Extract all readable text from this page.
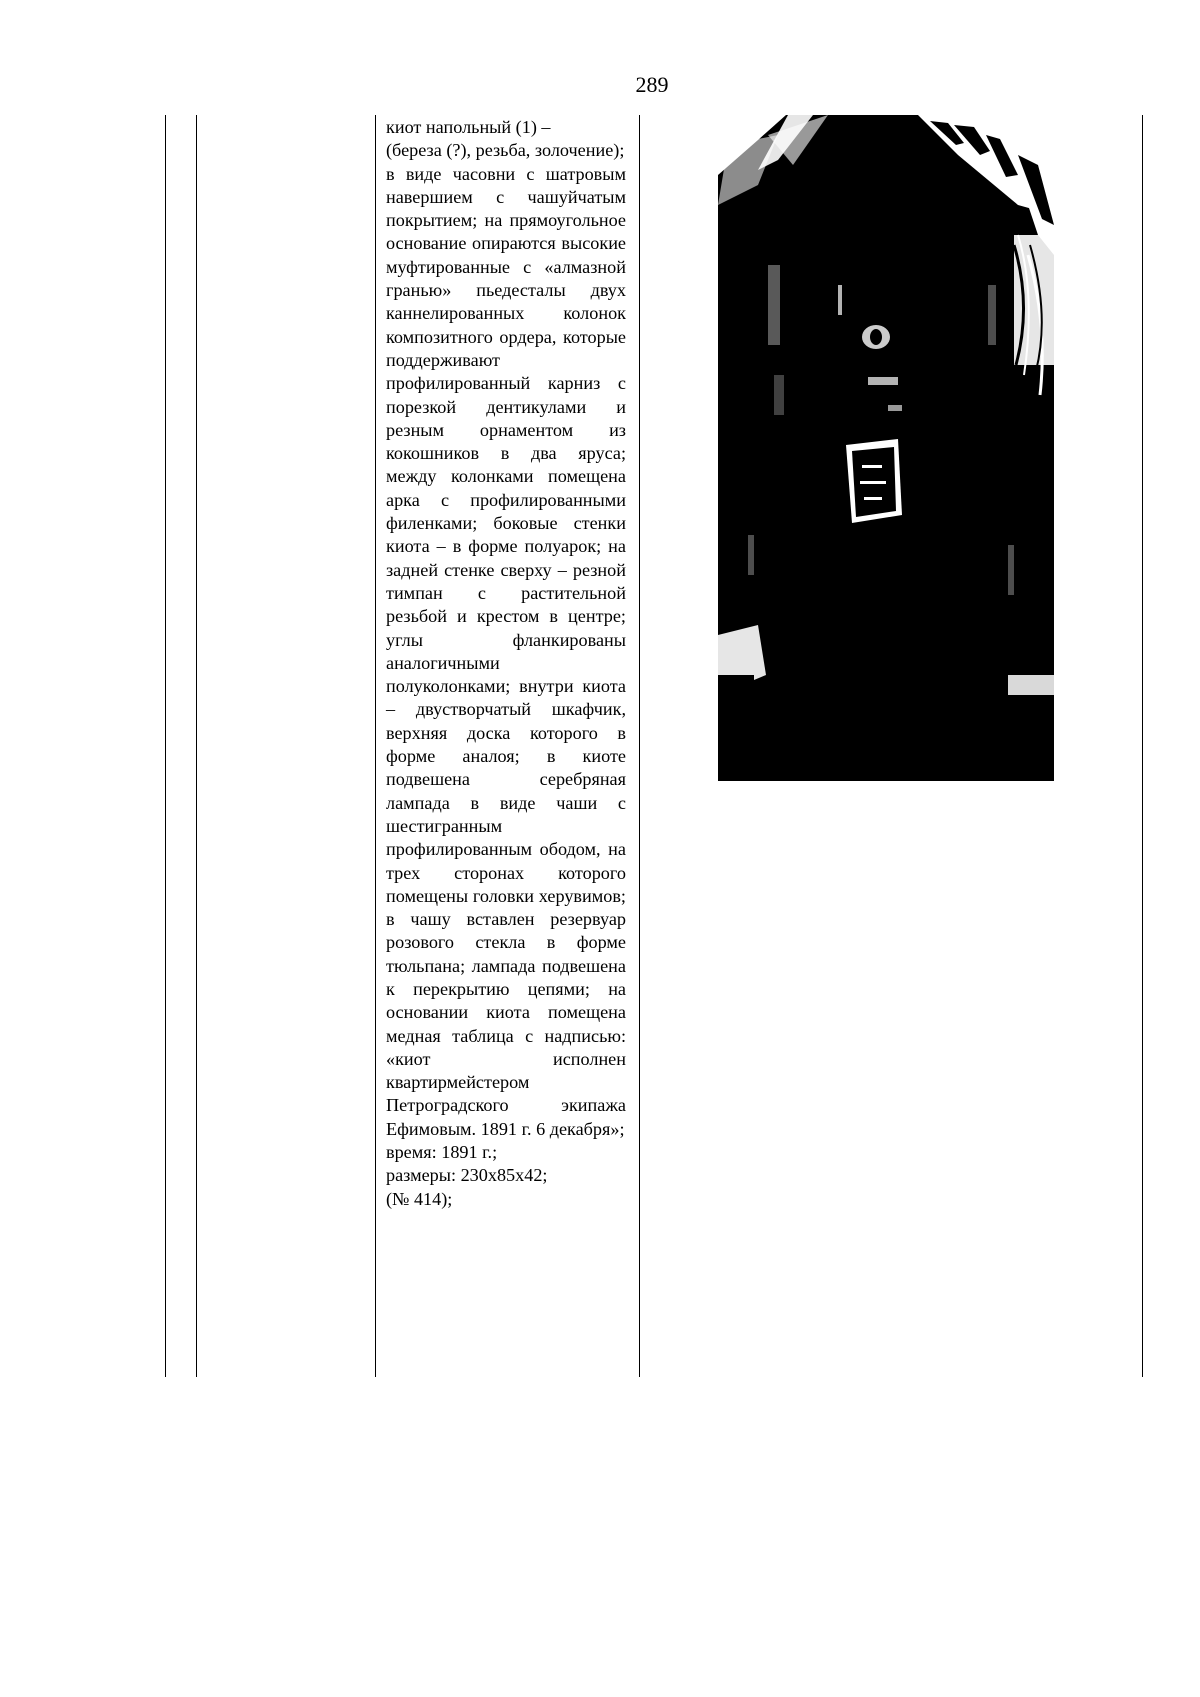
289

киот напольный (1) –

(береза (?), резьба, золочение);

в виде часовни с шатровым навершием с чашуйчатым покрытием; на прямоугольное основание опираются высокие муфтированные с «алмазной гранью» пьедесталы двух каннелированных колонок композитного ордера, которые поддерживают профилированный карниз с порезкой дентикулами и резным орнаментом из кокошников в два яруса; между колонками помещена арка с профилированными филенками; боковые стенки киота – в форме полуарок; на задней стенке сверху – резной тимпан с растительной резьбой и крестом в центре; углы фланкированы аналогичными полуколонками; внутри киота – двустворчатый шкафчик, верхняя доска которого в форме аналоя; в киоте подвешена серебряная лампада в виде чаши с шестигранным профилированным ободом, на трех сторонах которого помещены головки херувимов; в чашу вставлен резервуар розового стекла в форме тюльпана; лампада подвешена к перекрытию цепями; на основании киота помещена медная таблица с надписью: «киот исполнен квартирмейстером Петроградского экипажа Ефимовым. 1891 г. 6 декабря»;

время: 1891 г.;

размеры: 230х85х42;

(№ 414);
